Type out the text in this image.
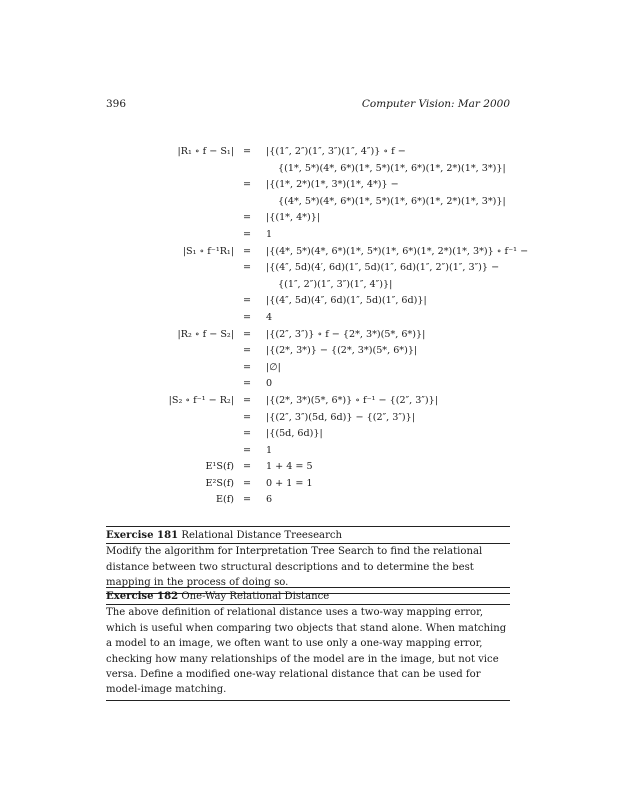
396	Computer Vision: Mar 2000
|R₁ ∘ f − S₁| = |{(1″, 2″)(1″, 3″)(1″, 4″)} ∘ f −
{(1*, 5*)(4*, 6*)(1*, 5*)(1*, 6*)(1*, 2*)(1*, 3*)}|
= |{(1*, 2*)(1*, 3*)(1*, 4*)} −
{(4*, 5*)(4*, 6*)(1*, 5*)(1*, 6*)(1*, 2*)(1*, 3*)}|
= |{(1*, 4*)}|
= 1
|S₁ ∘ f⁻¹R₁| = |{(4*, 5*)(4*, 6*)(1*, 5*)(1*, 6*)(1*, 2*)(1*, 3*)} ∘ f⁻¹ −
= |{(4″, 5d)(4′, 6d)(1″, 5d)(1″, 6d)(1″, 2″)(1″, 3″)} −
{(1″, 2″)(1″, 3″)(1″, 4″)}|
= |{(4″, 5d)(4″, 6d)(1″, 5d)(1″, 6d)}|
= 4
|R₂ ∘ f − S₂| = |{(2″, 3″)} ∘ f − {2*, 3*)(5*, 6*)}|
= |{(2*, 3*)} − {(2*, 3*)(5*, 6*)}|
= |∅|
= 0
|S₂ ∘ f⁻¹ − R₂| = |{(2*, 3*)(5*, 6*)} ∘ f⁻¹ − {(2″, 3″)}|
= |{(2″, 3″)(5d, 6d)} − {(2″, 3″)}|
= |{(5d, 6d)}|
= 1
E¹S(f) = 1 + 4 = 5
E²S(f) = 0 + 1 = 1
E(f) = 6
Exercise 181 Relational Distance Treesearch
Modify the algorithm for Interpretation Tree Search to find the relational distance between two structural descriptions and to determine the best mapping in the process of doing so.
Exercise 182 One-Way Relational Distance
The above definition of relational distance uses a two-way mapping error, which is useful when comparing two objects that stand alone. When matching a model to an image, we often want to use only a one-way mapping error, checking how many relationships of the model are in the image, but not vice versa. Define a modified one-way relational distance that can be used for model-image matching.
